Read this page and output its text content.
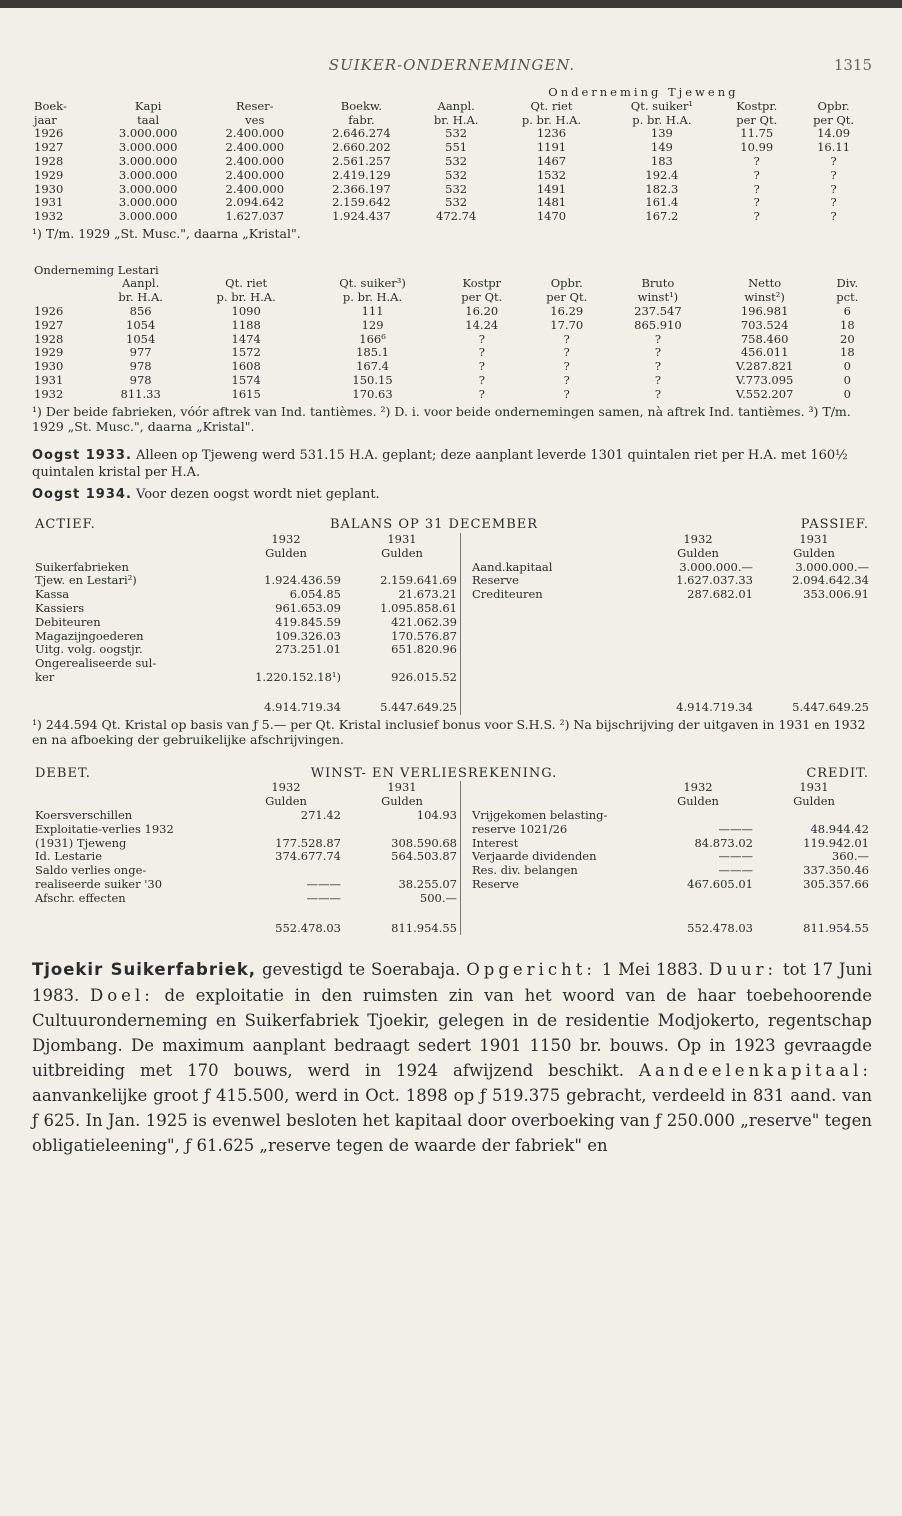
SUIKER-ONDERNEMINGEN.	1315
				Onderneming Tjeweng				
Boek-	Kapi	Reser-	Boekw.	Aanpl.	Qt. riet	Qt. suiker¹	Kostpr.	Opbr.
jaar	taal	ves	fabr.	br. H.A.	p. br. H.A.	p. br. H.A.	per Qt.	per Qt.
1926	3.000.000	2.400.000	2.646.274	532	1236	139	11.75	14.09
1927	3.000.000	2.400.000	2.660.202	551	1191	149	10.99	16.11
1928	3.000.000	2.400.000	2.561.257	532	1467	183	?	?
1929	3.000.000	2.400.000	2.419.129	532	1532	192.4	?	?
1930	3.000.000	2.400.000	2.366.197	532	1491	182.3	?	?
1931	3.000.000	2.094.642	2.159.642	532	1481	161.4	?	?
1932	3.000.000	1.627.037	1.924.437	472.74	1470	167.2	?	?
¹) T/m. 1929 „St. Musc.", daarna „Kristal".
Onderneming Lestari								
	Aanpl.	Qt. riet	Qt. suiker³)	Kostpr	Opbr.	Bruto	Netto	Div.
	br. H.A.	p. br. H.A.	p. br. H.A.	per Qt.	per Qt.	winst¹)	winst²)	pct.
1926	856	1090	111	16.20	16.29	237.547	196.981	6
1927	1054	1188	129	14.24	17.70	865.910	703.524	18
1928	1054	1474	166⁶	?	?	?	758.460	20
1929	977	1572	185.1	?	?	?	456.011	18
1930	978	1608	167.4	?	?	?	V.287.821	0
1931	978	1574	150.15	?	?	?	V.773.095	0
1932	811.33	1615	170.63	?	?	?	V.552.207	0
¹) Der beide fabrieken, vóór aftrek van Ind. tantièmes. ²) D. i. voor beide ondernemingen samen, nà aftrek Ind. tantièmes. ³) T/m. 1929 „St. Musc.", daarna „Kristal".
Oogst 1933. Alleen op Tjeweng werd 531.15 H.A. geplant; deze aanplant leverde 1301 quintalen riet per H.A. met 160½ quintalen kristal per H.A.
Oogst 1934. Voor dezen oogst wordt niet geplant.
ACTIEF.	BALANS OP 31 DECEMBER					PASSIEF.	
	1932	1931				1932	1931
	Gulden	Gulden				Gulden	Gulden
Suikerfabrieken				Aand.kapitaal		3.000.000.—	3.000.000.—
Tjew. en Lestari²)	1.924.436.59	2.159.641.69		Reserve		1.627.037.33	2.094.642.34
Kassa	6.054.85	21.673.21		Crediteuren		287.682.01	353.006.91
Kassiers	961.653.09	1.095.858.61					
Debiteuren	419.845.59	421.062.39					
Magazijngoederen	109.326.03	170.576.87					
Uitg. volg. oogstjr.	273.251.01	651.820.96					
Ongerealiseerde sul-							
ker	1.220.152.18¹)	926.015.52					
	4.914.719.34	5.447.649.25				4.914.719.34	5.447.649.25
¹) 244.594 Qt. Kristal op basis van ƒ 5.— per Qt. Kristal inclusief bonus voor S.H.S. ²) Na bijschrijving der uitgaven in 1931 en 1932 en na afboeking der gebruikelijke afschrijvingen.
DEBET.	WINST- EN VERLIESREKENING.					CREDIT.	
	1932	1931				1932	1931
	Gulden	Gulden				Gulden	Gulden
Koersverschillen	271.42	104.93		Vrijgekomen belasting-			
Exploitatie-verlies 1932				reserve 1021/26		———	48.944.42
(1931) Tjeweng	177.528.87	308.590.68		Interest		84.873.02	119.942.01
Id. Lestarie	374.677.74	564.503.87		Verjaarde dividenden		———	360.—
Saldo verlies onge-				Res. div. belangen		———	337.350.46
realiseerde suiker '30	———	38.255.07		Reserve		467.605.01	305.357.66
Afschr. effecten	———	500.—					
	552.478.03	811.954.55				552.478.03	811.954.55
Tjoekir Suikerfabriek, gevestigd te Soerabaja. Opgericht: 1 Mei 1883. Duur: tot 17 Juni 1983. Doel: de exploitatie in den ruimsten zin van het woord van de haar toebehoorende Cultuuronderneming en Suikerfabriek Tjoekir, gelegen in de residentie Modjokerto, regentschap Djombang. De maximum aanplant bedraagt sedert 1901 1150 br. bouws. Op in 1923 gevraagde uitbreiding met 170 bouws, werd in 1924 afwijzend beschikt. Aandeelenkapitaal: aanvankelijke groot ƒ 415.500, werd in Oct. 1898 op ƒ 519.375 gebracht, verdeeld in 831 aand. van ƒ 625. In Jan. 1925 is evenwel besloten het kapitaal door overboeking van ƒ 250.000 „reserve" tegen obligatieleening", ƒ 61.625 „reserve tegen de waarde der fabriek" en
